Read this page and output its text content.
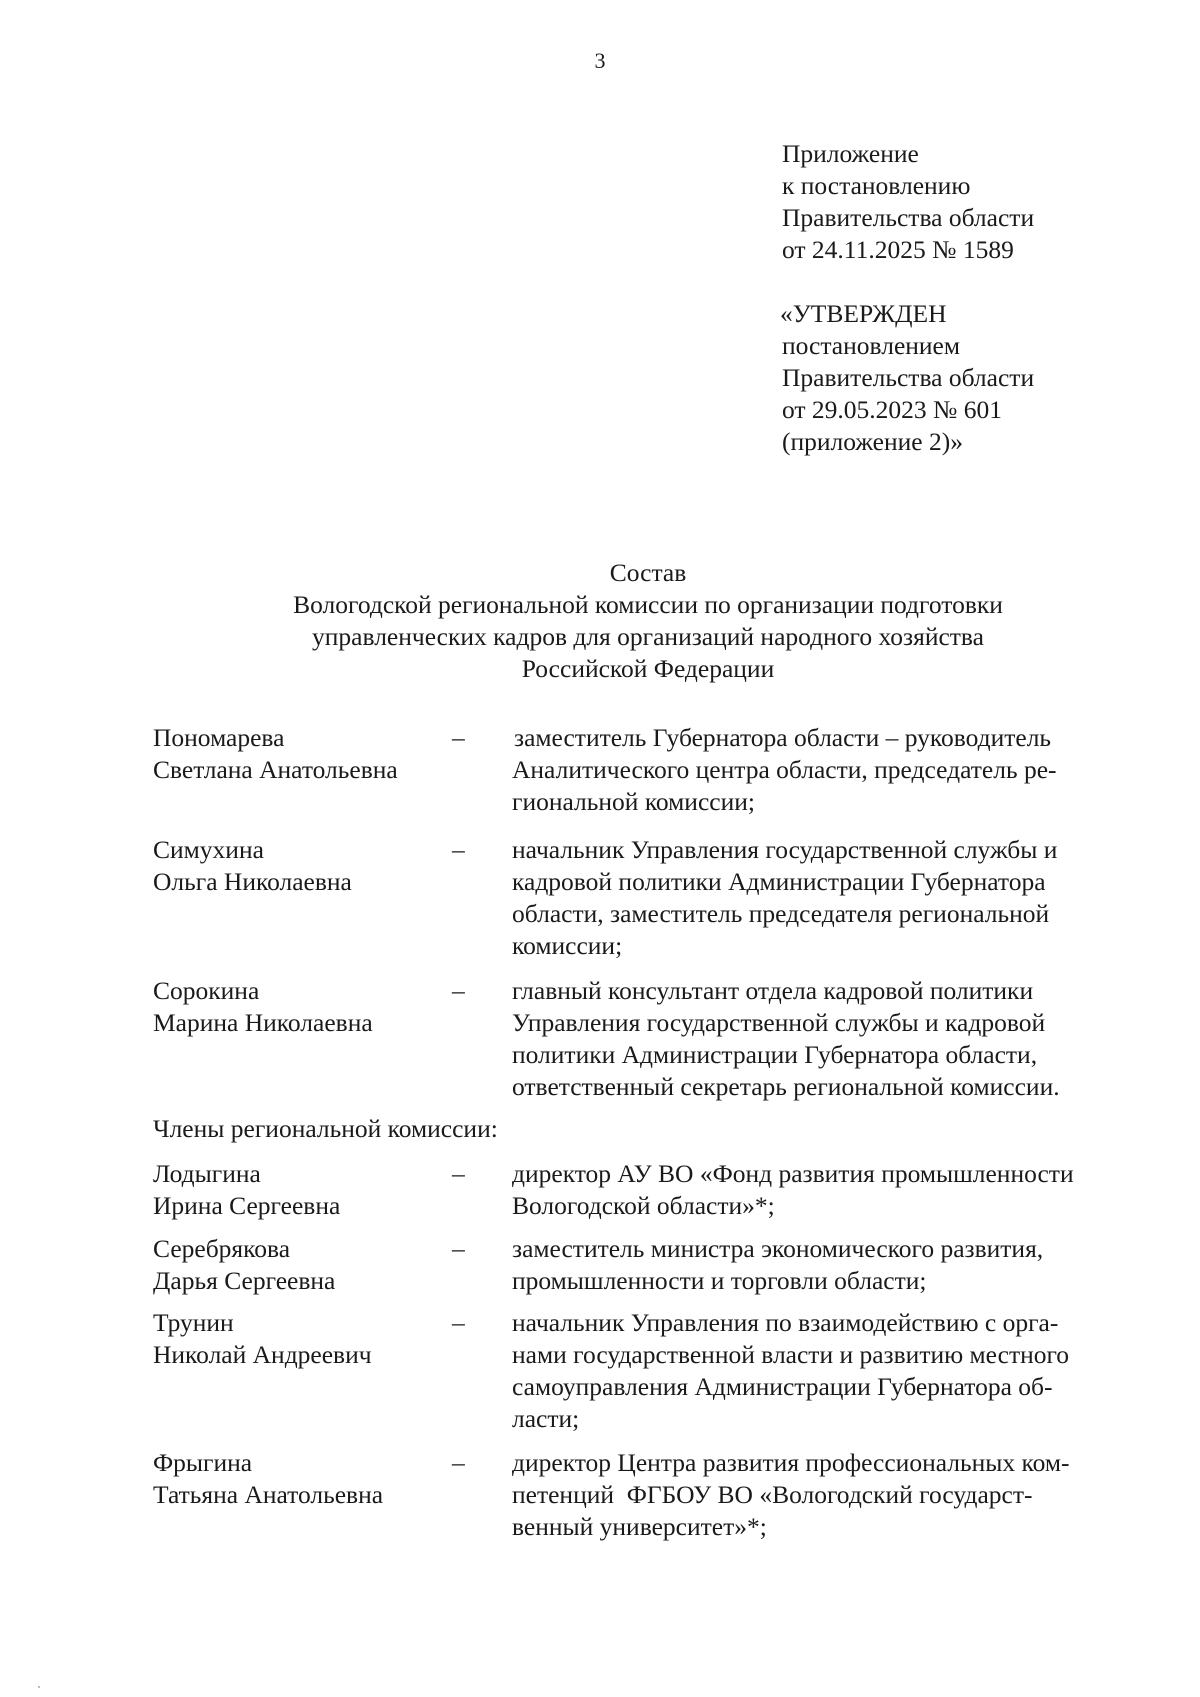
3
Приложение
к постановлению
Правительства области
от 24.11.2025 № 1589
«УТВЕРЖДЕН
постановлением
Правительства области
от 29.05.2023 № 601
(приложение 2)»
Состав
Вологодской региональной комиссии по организации подготовки
управленческих кадров для организаций народного хозяйства
Российской Федерации
Пономарева
Светлана Анатольевна
–	заместитель Губернатора области – руководитель
Аналитического центра области, председатель ре-
гиональной комиссии;
Симухина
Ольга Николаевна
–	начальник Управления государственной службы и
кадровой политики Администрации Губернатора
области, заместитель председателя региональной
комиссии;
Сорокина
Марина Николаевна
–	главный консультант отдела кадровой политики
Управления государственной службы и кадровой
политики Администрации Губернатора области,
ответственный секретарь региональной комиссии.
Члены региональной комиссии:
Лодыгина
Ирина Сергеевна
–	директор АУ ВО «Фонд развития промышленности
Вологодской области»*;
Серебрякова
Дарья Сергеевна
–	заместитель министра экономического развития,
промышленности и торговли области;
Трунин
Николай Андреевич
–	начальник Управления по взаимодействию с орга-
нами государственной власти и развитию местного
самоуправления Администрации Губернатора об-
ласти;
Фрыгина
Татьяна Анатольевна
–	директор Центра развития профессиональных ком-
петенций  ФГБОУ ВО «Вологодский государст-
венный университет»*;
